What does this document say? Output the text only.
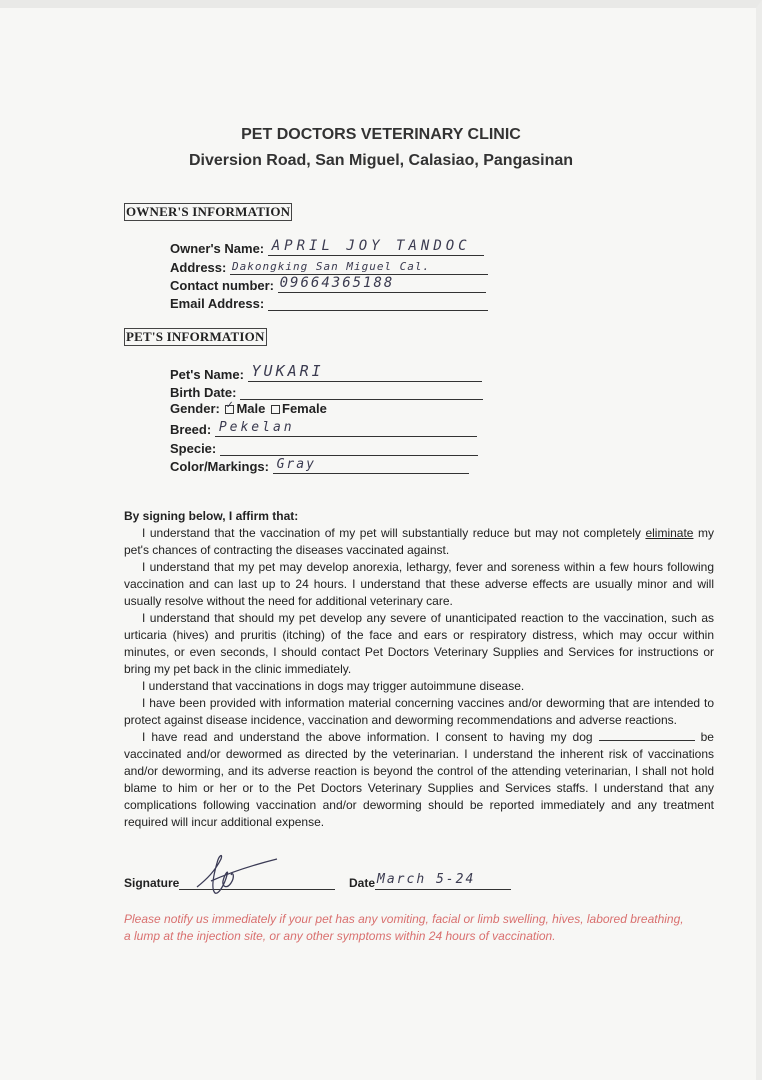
PET DOCTORS VETERINARY CLINIC
Diversion Road, San Miguel, Calasiao, Pangasinan
OWNER'S INFORMATION
Owner's Name: APRIL JOY TANDOC
Address: Dakongking San Miguel Cal.
Contact number: 09664365188
Email Address:
PET'S INFORMATION
Pet's Name: YUKARI
Birth Date:
Gender: ✓ Male Female
Breed: Pekelan
Specie:
Color/Markings: Gray
By signing below, I affirm that:

I understand that the vaccination of my pet will substantially reduce but may not completely eliminate my pet's chances of contracting the diseases vaccinated against.

I understand that my pet may develop anorexia, lethargy, fever and soreness within a few hours following vaccination and can last up to 24 hours. I understand that these adverse effects are usually minor and will usually resolve without the need for additional veterinary care.

I understand that should my pet develop any severe of unanticipated reaction to the vaccination, such as urticaria (hives) and pruritis (itching) of the face and ears or respiratory distress, which may occur within minutes, or even seconds, I should contact Pet Doctors Veterinary Supplies and Services for instructions or bring my pet back in the clinic immediately.

I understand that vaccinations in dogs may trigger autoimmune disease.

I have been provided with information material concerning vaccines and/or deworming that are intended to protect against disease incidence, vaccination and deworming recommendations and adverse reactions.

I have read and understand the above information. I consent to having my dog	be vaccinated and/or dewormed as directed by the veterinarian. I understand the inherent risk of vaccinations and/or deworming, and its adverse reaction is beyond the control of the attending veterinarian, I shall not hold blame to him or her or to the Pet Doctors Veterinary Supplies and Services staffs. I understand that any complications following vaccination and/or deworming should be reported immediately and any treatment required will incur additional expense.

Signature	Date March 5-24
Please notify us immediately if your pet has any vomiting, facial or limb swelling, hives, labored breathing, a lump at the injection site, or any other symptoms within 24 hours of vaccination.
